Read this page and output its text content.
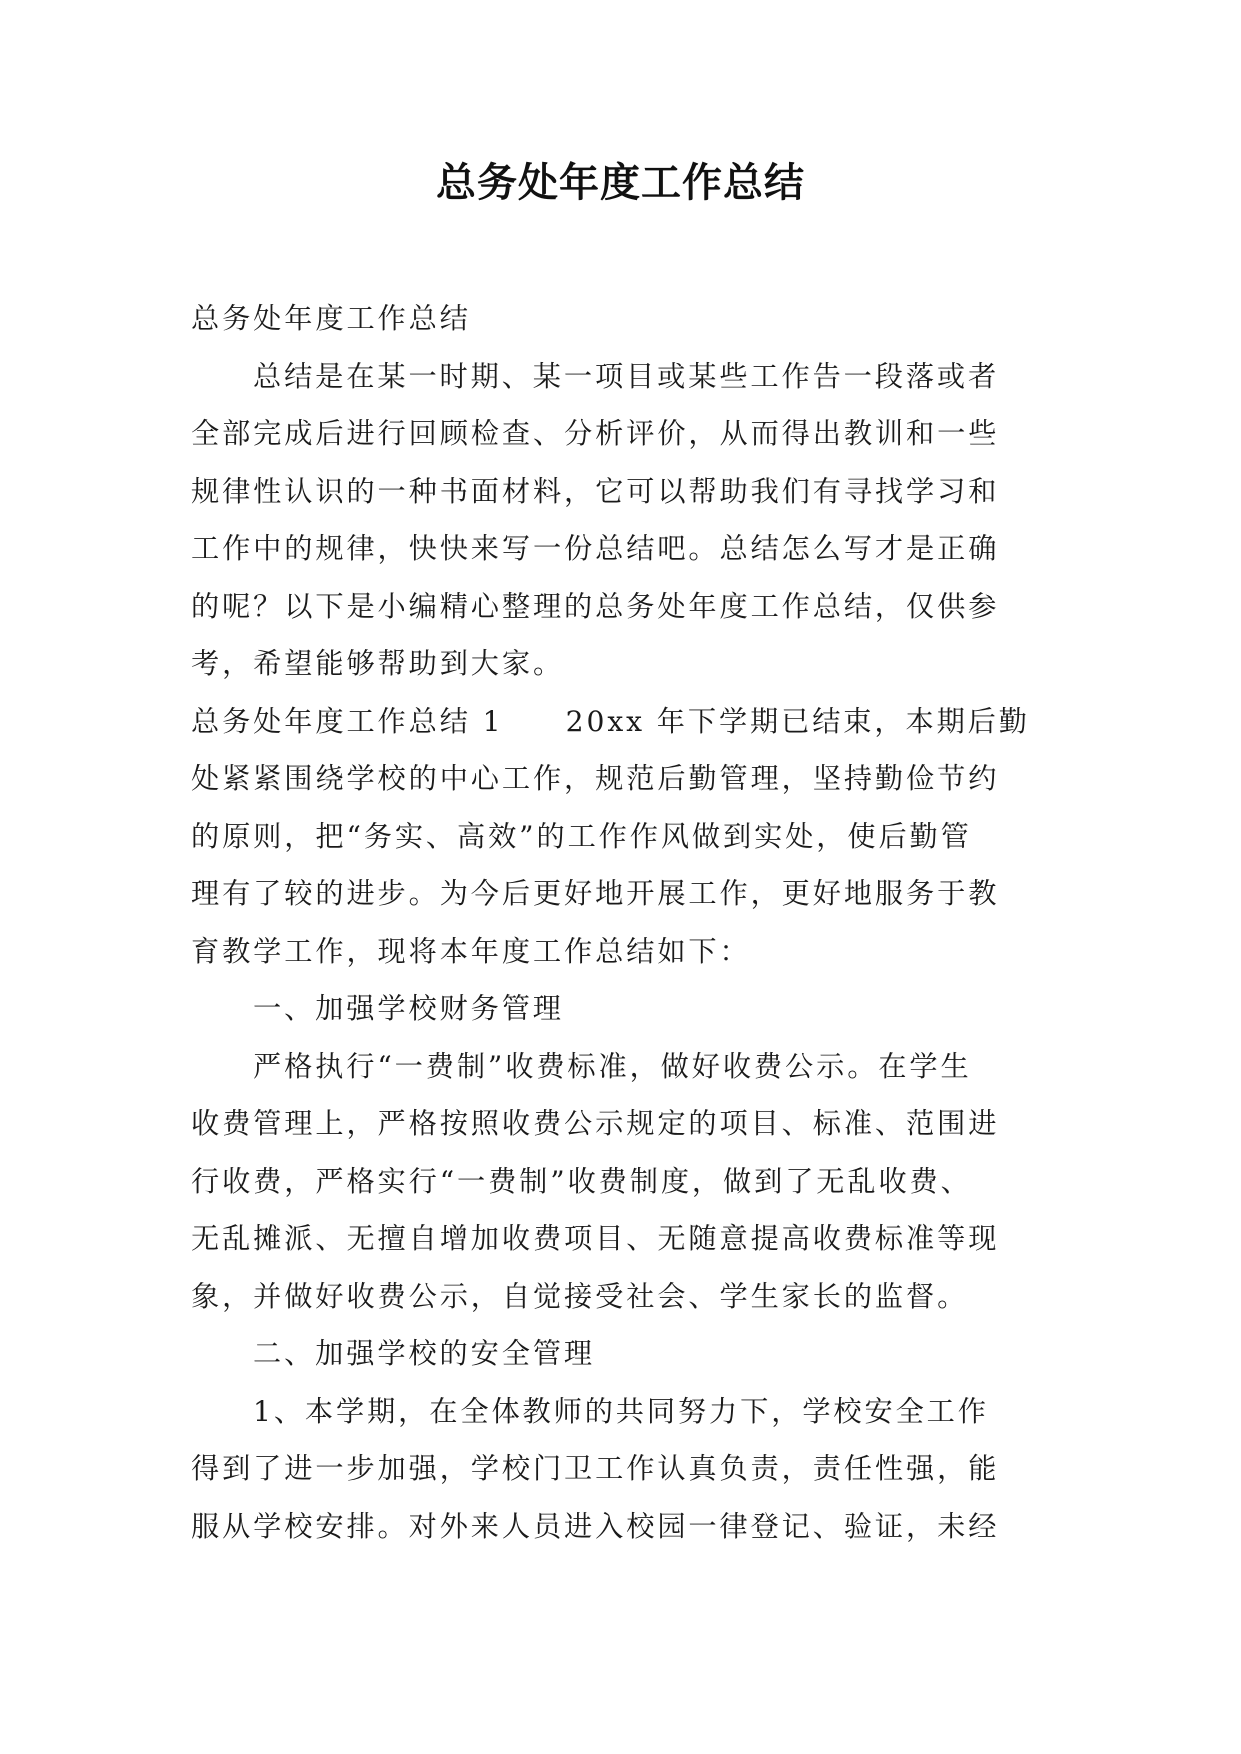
总务处年度工作总结
总务处年度工作总结
总结是在某一时期、某一项目或某些工作告一段落或者
全部完成后进行回顾检查、分析评价，从而得出教训和一些
规律性认识的一种书面材料，它可以帮助我们有寻找学习和
工作中的规律，快快来写一份总结吧。总结怎么写才是正确
的呢？以下是小编精心整理的总务处年度工作总结，仅供参
考，希望能够帮助到大家。
总务处年度工作总结 1　　20xx 年下学期已结束，本期后勤
处紧紧围绕学校的中心工作，规范后勤管理，坚持勤俭节约
的原则，把“务实、高效”的工作作风做到实处，使后勤管
理有了较的进步。为今后更好地开展工作，更好地服务于教
育教学工作，现将本年度工作总结如下：
一、加强学校财务管理
严格执行“一费制”收费标准，做好收费公示。在学生
收费管理上，严格按照收费公示规定的项目、标准、范围进
行收费，严格实行“一费制”收费制度，做到了无乱收费、
无乱摊派、无擅自增加收费项目、无随意提高收费标准等现
象，并做好收费公示，自觉接受社会、学生家长的监督。
二、加强学校的安全管理
1、本学期，在全体教师的共同努力下，学校安全工作
得到了进一步加强，学校门卫工作认真负责，责任性强，能
服从学校安排。对外来人员进入校园一律登记、验证，未经
